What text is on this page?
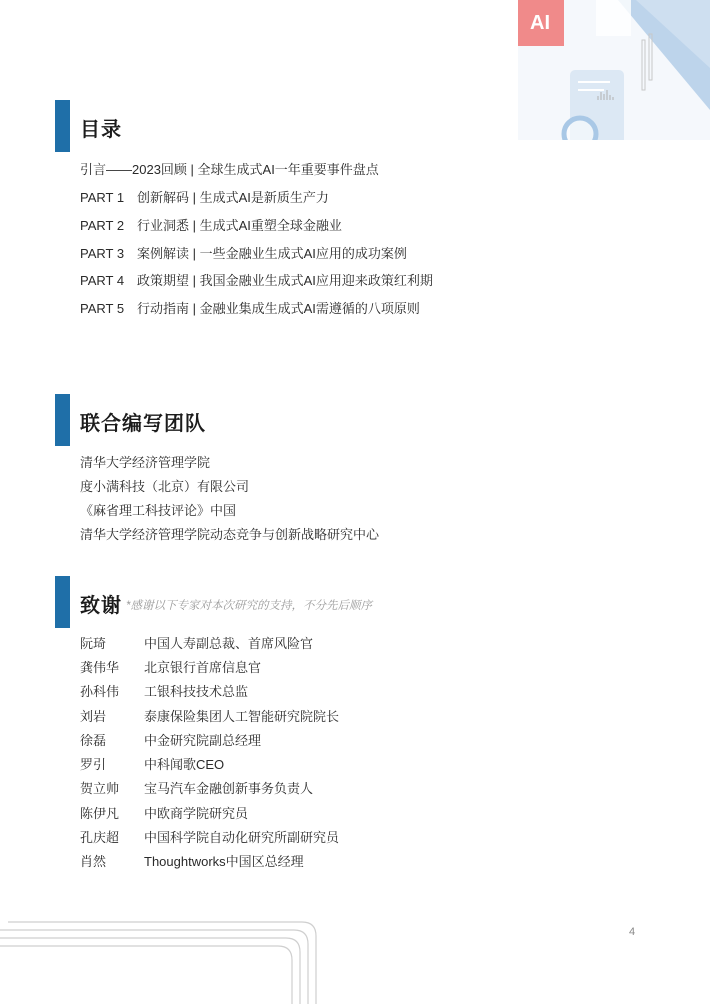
AI
目录
引言——2023回顾 | 全球生成式AI一年重要事件盘点
PART 1 创新解码 | 生成式AI是新质生产力
PART 2 行业洞悉 | 生成式AI重塑全球金融业
PART 3 案例解读 | 一些金融业生成式AI应用的成功案例
PART 4 政策期望 | 我国金融业生成式AI应用迎来政策红利期
PART 5 行动指南 | 金融业集成生成式AI需遵循的八项原则
联合编写团队
清华大学经济管理学院
度小满科技（北京）有限公司
《麻省理工科技评论》中国
清华大学经济管理学院动态竞争与创新战略研究中心
致谢 *感谢以下专家对本次研究的支持，不分先后顺序
阮琦	中国人寿副总裁、首席风险官
龚伟华 北京银行首席信息官
孙科伟 工银科技技术总监
刘岩	泰康保险集团人工智能研究院院长
徐磊	中金研究院副总经理
罗引	中科闻歌CEO
贺立帅 宝马汽车金融创新事务负责人
陈伊凡 中欧商学院研究员
孔庆超 中国科学院自动化研究所副研究员
肖然	Thoughtworks中国区总经理
4
